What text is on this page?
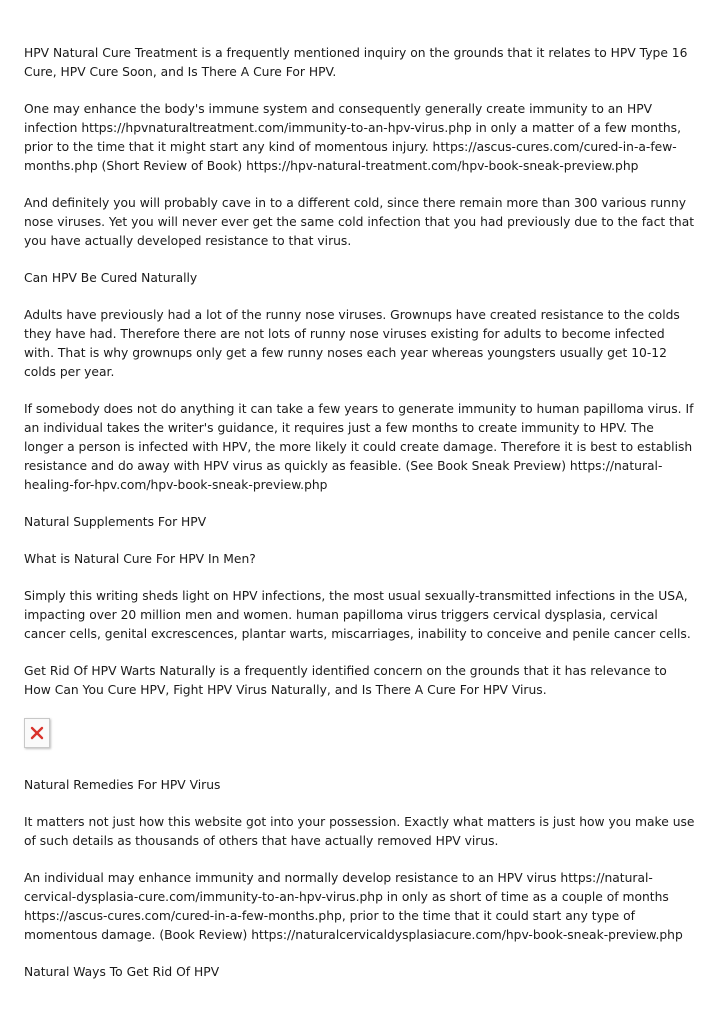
HPV Natural Cure Treatment is a frequently mentioned inquiry on the grounds that it relates to HPV Type 16 Cure, HPV Cure Soon, and Is There A Cure For HPV.

One may enhance the body's immune system and consequently generally create immunity to an HPV infection https://hpvnaturaltreatment.com/immunity-to-an-hpv-virus.php in only a matter of a few months, prior to the time that it might start any kind of momentous injury. https://ascus-cures.com/cured-in-a-few-months.php (Short Review of Book) https://hpv-natural-treatment.com/hpv-book-sneak-preview.php

And definitely you will probably cave in to a different cold, since there remain more than 300 various runny nose viruses. Yet you will never ever get the same cold infection that you had previously due to the fact that you have actually developed resistance to that virus.

Can HPV Be Cured Naturally

Adults have previously had a lot of the runny nose viruses. Grownups have created resistance to the colds they have had. Therefore there are not lots of runny nose viruses existing for adults to become infected with. That is why grownups only get a few runny noses each year whereas youngsters usually get 10-12 colds per year.

If somebody does not do anything it can take a few years to generate immunity to human papilloma virus. If an individual takes the writer's guidance, it requires just a few months to create immunity to HPV. The longer a person is infected with HPV, the more likely it could create damage. Therefore it is best to establish resistance and do away with HPV virus as quickly as feasible. (See Book Sneak Preview) https://natural-healing-for-hpv.com/hpv-book-sneak-preview.php

Natural Supplements For HPV

What is Natural Cure For HPV In Men?

Simply this writing sheds light on HPV infections, the most usual sexually-transmitted infections in the USA, impacting over 20 million men and women. human papilloma virus triggers cervical dysplasia, cervical cancer cells, genital excrescences, plantar warts, miscarriages, inability to conceive and penile cancer cells.

Get Rid Of HPV Warts Naturally is a frequently identified concern on the grounds that it has relevance to How Can You Cure HPV, Fight HPV Virus Naturally, and Is There A Cure For HPV Virus.

Natural Remedies For HPV Virus

It matters not just how this website got into your possession. Exactly what matters is just how you make use of such details as thousands of others that have actually removed HPV virus.

An individual may enhance immunity and normally develop resistance to an HPV virus https://natural-cervical-dysplasia-cure.com/immunity-to-an-hpv-virus.php in only as short of time as a couple of months https://ascus-cures.com/cured-in-a-few-months.php, prior to the time that it could start any type of momentous damage. (Book Review) https://naturalcervicaldysplasiacure.com/hpv-book-sneak-preview.php

Natural Ways To Get Rid Of HPV
